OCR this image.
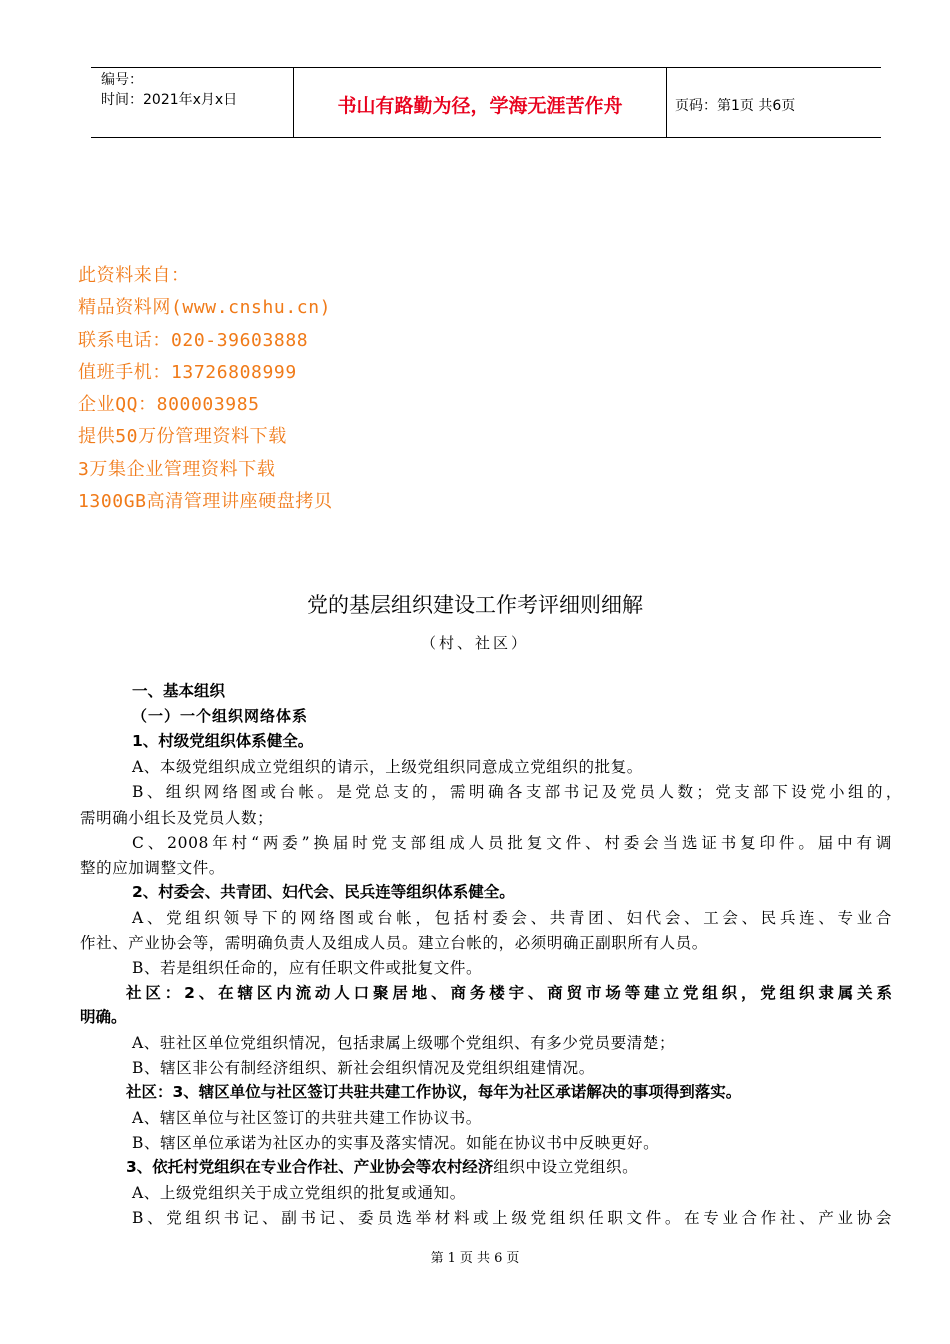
编号：
时间：2021年x月x日	书山有路勤为径，学海无涯苦作舟	页码：第1页 共6页
此资料来自：
精品资料网(www.cnshu.cn)
联系电话：020-39603888
值班手机：13726808999
企业QQ：800003985
提供50万份管理资料下载
3万集企业管理资料下载
1300GB高清管理讲座硬盘拷贝
党的基层组织建设工作考评细则细解
（村、社区）
一、基本组织
（一）一个组织网络体系
1、村级党组织体系健全。
A、本级党组织成立党组织的请示，上级党组织同意成立党组织的批复。
B、组织网络图或台帐。是党总支的，需明确各支部书记及党员人数；党支部下设党小组的，
需明确小组长及党员人数；
C、2008年村“两委”换届时党支部组成人员批复文件、村委会当选证书复印件。届中有调
整的应加调整文件。
2、村委会、共青团、妇代会、民兵连等组织体系健全。
A、党组织领导下的网络图或台帐，包括村委会、共青团、妇代会、工会、民兵连、专业合
作社、产业协会等，需明确负责人及组成人员。建立台帐的，必须明确正副职所有人员。
B、若是组织任命的，应有任职文件或批复文件。
社区：2、在辖区内流动人口聚居地、商务楼宇、商贸市场等建立党组织，党组织隶属关系
明确。
A、驻社区单位党组织情况，包括隶属上级哪个党组织、有多少党员要清楚；
B、辖区非公有制经济组织、新社会组织情况及党组织组建情况。
社区：3、辖区单位与社区签订共驻共建工作协议，每年为社区承诺解决的事项得到落实。
A、辖区单位与社区签订的共驻共建工作协议书。
B、辖区单位承诺为社区办的实事及落实情况。如能在协议书中反映更好。
3、依托村党组织在专业合作社、产业协会等农村经济组织中设立党组织。
A、上级党组织关于成立党组织的批复或通知。
B、党组织书记、副书记、委员选举材料或上级党组织任职文件。在专业合作社、产业协会
第 1 页 共 6 页
